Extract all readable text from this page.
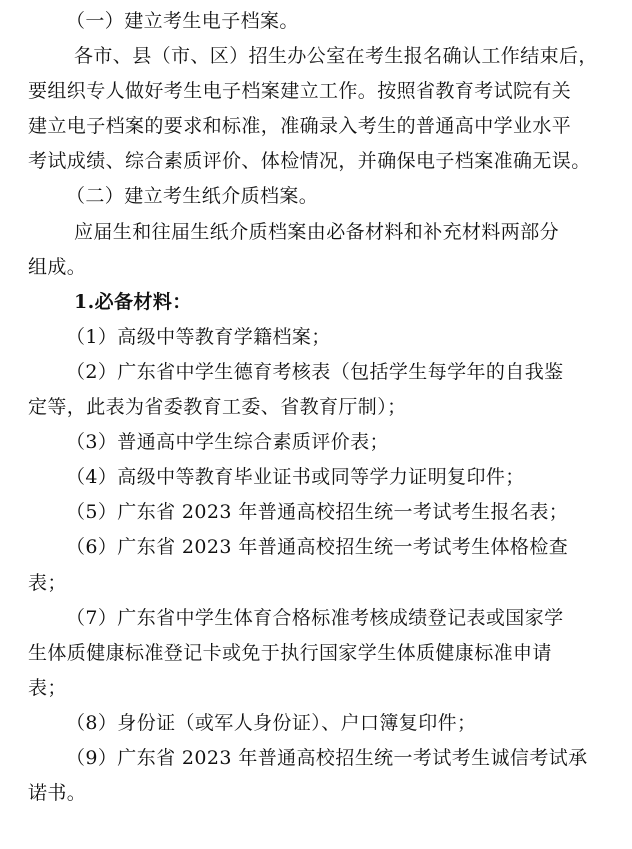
（一）建立考生电子档案。
各市、县（市、区）招生办公室在考生报名确认工作结束后，
要组织专人做好考生电子档案建立工作。按照省教育考试院有关
建立电子档案的要求和标准，准确录入考生的普通高中学业水平
考试成绩、综合素质评价、体检情况，并确保电子档案准确无误。
（二）建立考生纸介质档案。
应届生和往届生纸介质档案由必备材料和补充材料两部分
组成。
1.必备材料：
（1）高级中等教育学籍档案；
（2）广东省中学生德育考核表（包括学生每学年的自我鉴
定等，此表为省委教育工委、省教育厅制）；
（3）普通高中学生综合素质评价表；
（4）高级中等教育毕业证书或同等学力证明复印件；
（5）广东省 2023 年普通高校招生统一考试考生报名表；
（6）广东省 2023 年普通高校招生统一考试考生体格检查
表；
（7）广东省中学生体育合格标准考核成绩登记表或国家学
生体质健康标准登记卡或免于执行国家学生体质健康标准申请
表；
（8）身份证（或军人身份证）、户口簿复印件；
（9）广东省 2023 年普通高校招生统一考试考生诚信考试承
诺书。
